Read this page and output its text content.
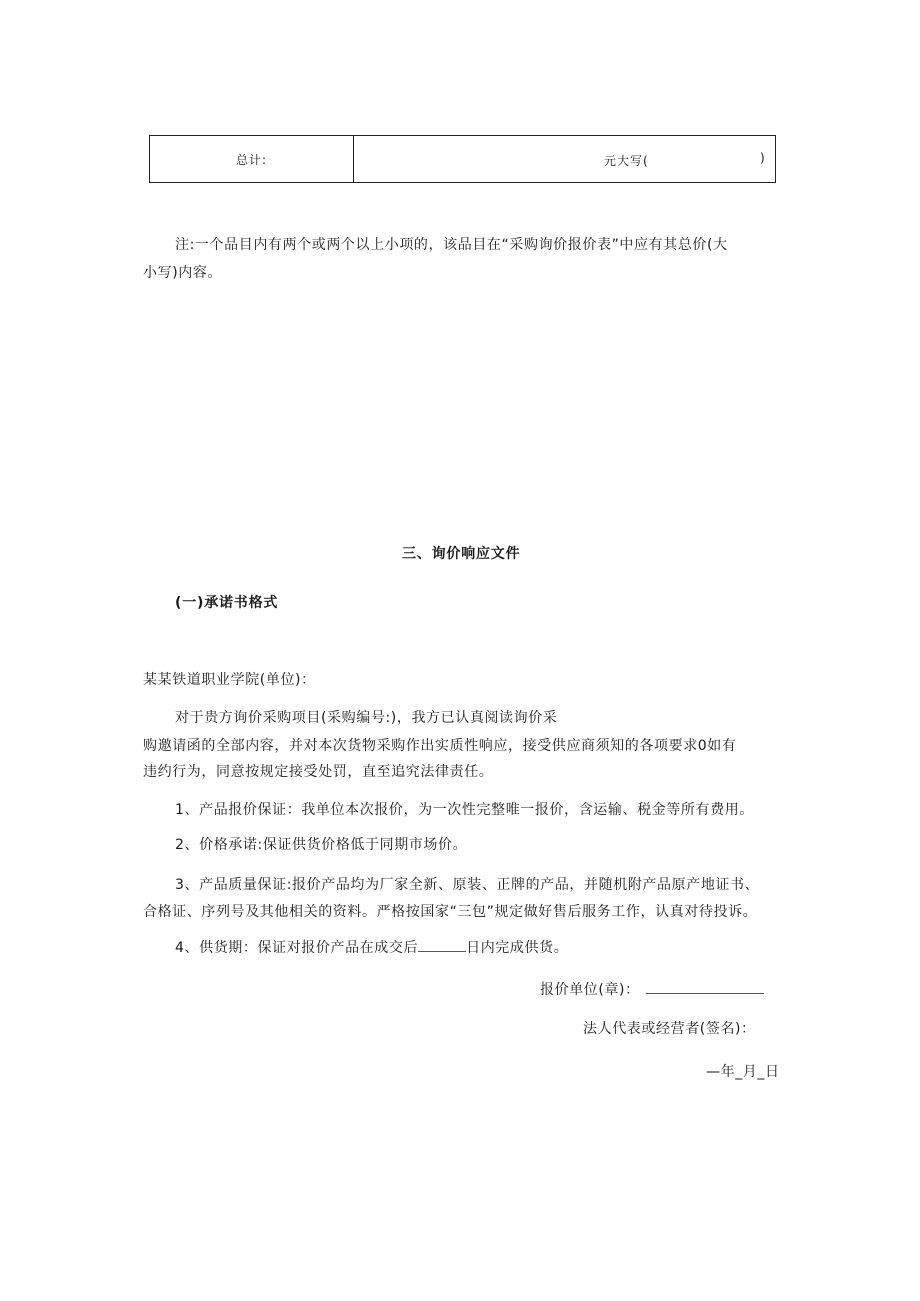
总计:	元大写(	)
注:一个品目内有两个或两个以上小项的，该品目在“采购询价报价表”中应有其总价(大
小写)内容。
三、询价响应文件
(一)承诺书格式
某某铁道职业学院(单位)：
对于贵方询价采购项目(采购编号:)，我方已认真阅读询价采
购邀请函的全部内容，并对本次货物采购作出实质性响应，接受供应商须知的各项要求0如有
违约行为，同意按规定接受处罚，直至追究法律责任。
1、产品报价保证：我单位本次报价，为一次性完整唯一报价，含运输、税金等所有费用。
2、价格承诺:保证供货价格低于同期市场价。
3、产品质量保证:报价产品均为厂家全新、原装、正牌的产品，并随机附产品原产地证书、
合格证、序列号及其他相关的资料。严格按国家“三包”规定做好售后服务工作，认真对待投诉。
4、供货期：保证对报价产品在成交后	日内完成供货。
报价单位(章)：
法人代表或经营者(签名)：
—年_月_日
